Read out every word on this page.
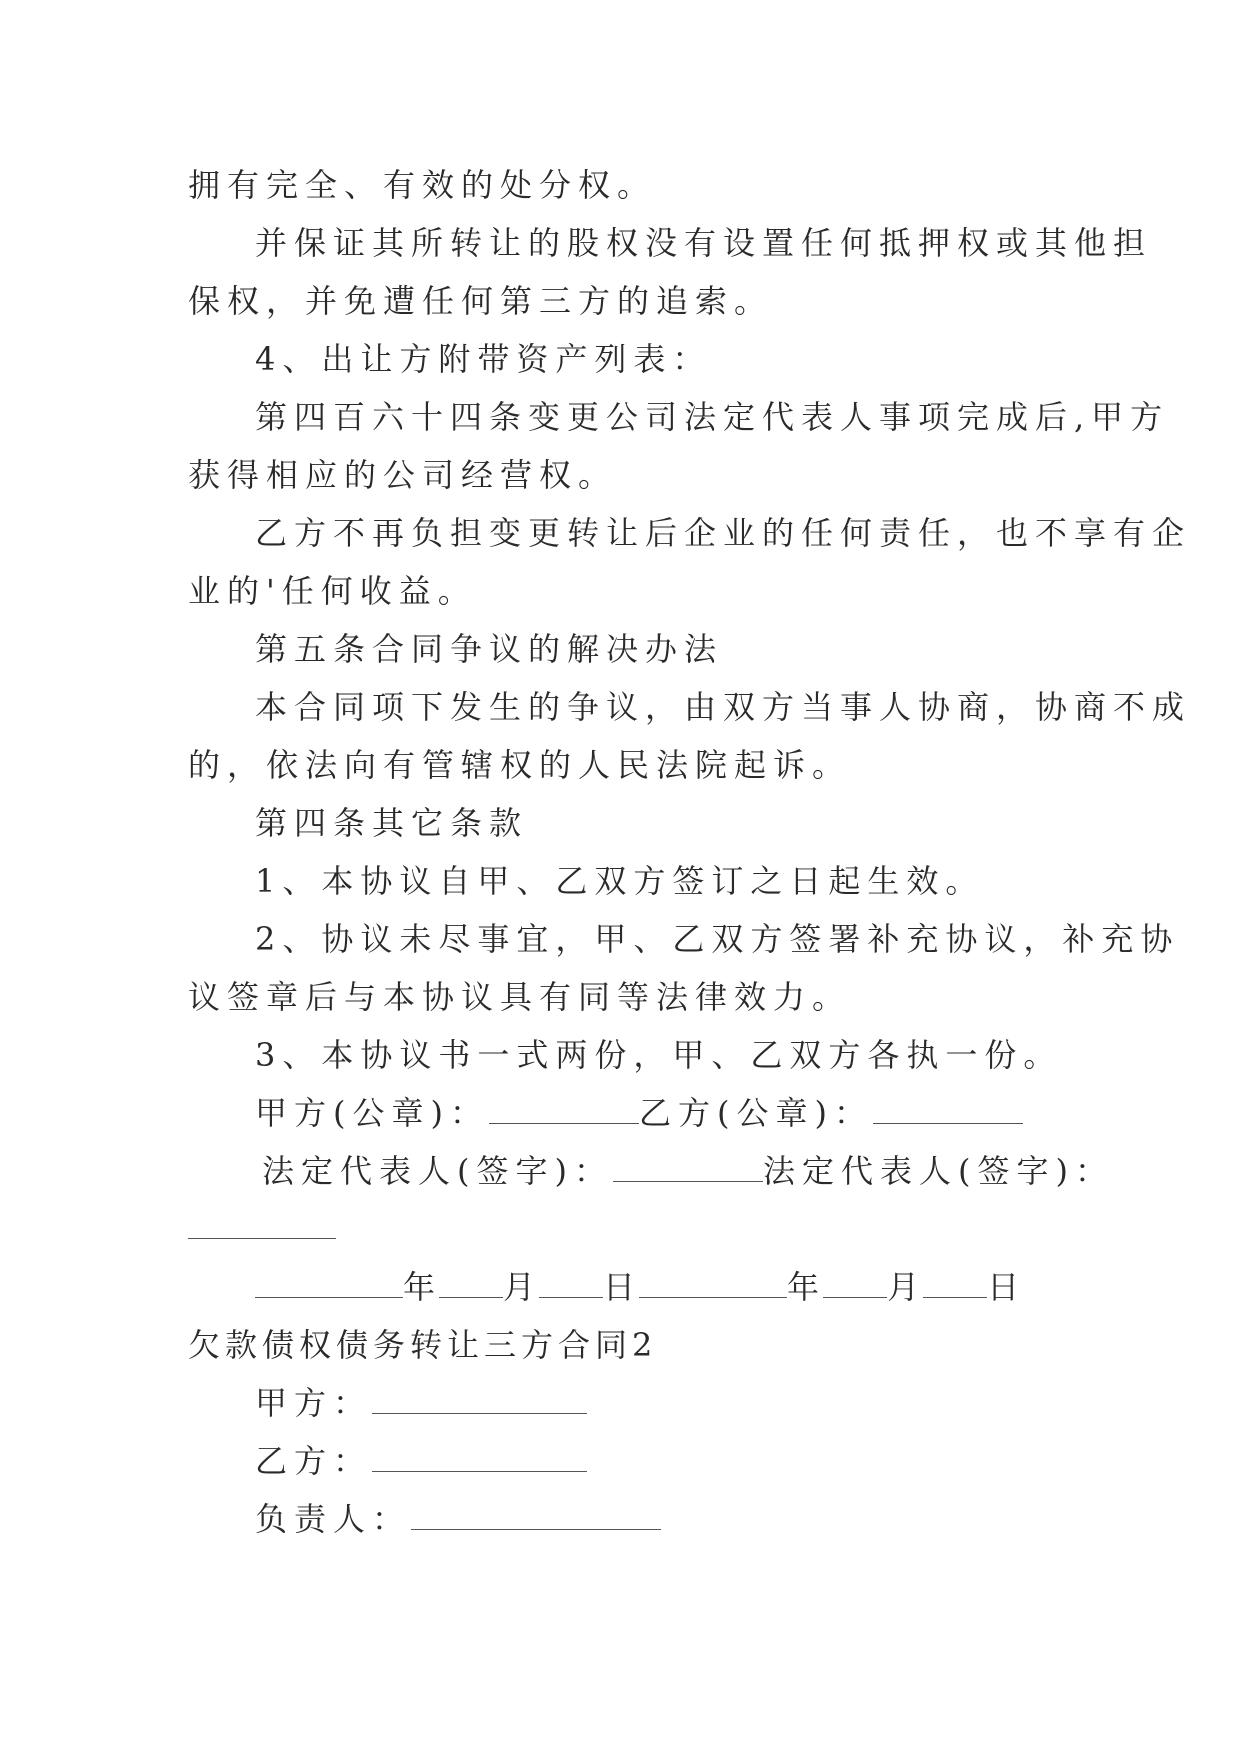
拥有完全、有效的处分权。
并保证其所转让的股权没有设置任何抵押权或其他担
保权，并免遭任何第三方的追索。
4、出让方附带资产列表：
第四百六十四条变更公司法定代表人事项完成后,甲方
获得相应的公司经营权。
乙方不再负担变更转让后企业的任何责任，也不享有企
业的'任何收益。
第五条合同争议的解决办法
本合同项下发生的争议，由双方当事人协商，协商不成
的，依法向有管辖权的人民法院起诉。
第四条其它条款
1、本协议自甲、乙双方签订之日起生效。
2、协议未尽事宜，甲、乙双方签署补充协议，补充协
议签章后与本协议具有同等法律效力。
3、本协议书一式两份，甲、乙双方各执一份。
甲方(公章)：	乙方(公章)：
法定代表人(签字)：	法定代表人(签字)：
年 月 日	年 月 日
欠款债权债务转让三方合同2
甲方：
乙方：
负责人：
